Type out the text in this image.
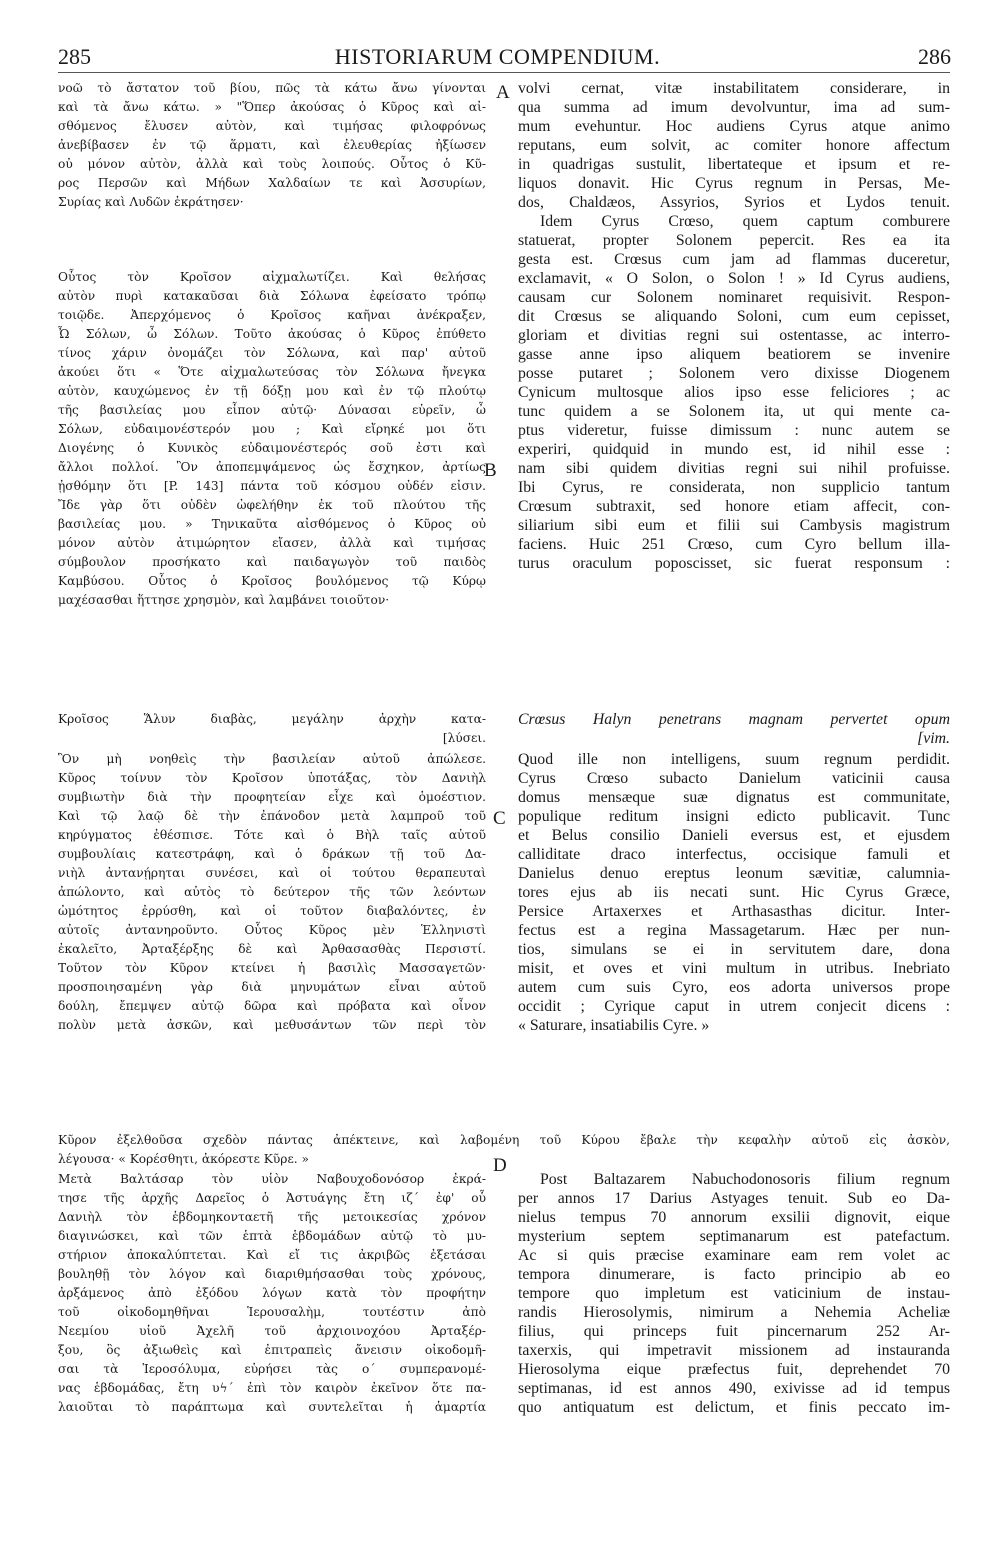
285	HISTORIARUM COMPENDIUM.	286
A
B
C
D
νοῶ τὸ ἄστατον τοῦ βίου, πῶς τὰ κάτω ἄνω γίνονται
καὶ τὰ ἄνω κάτω. » "Ὅπερ ἀκούσας ὁ Κῦρος καὶ αἰ-
σθόμενος ἔλυσεν αὐτὸν, καὶ τιμήσας φιλοφρόνως
ἀνεβίβασεν ἐν τῷ ἅρματι, καὶ ἐλευθερίας ἠξίωσεν
οὐ μόνον αὐτὸν, ἀλλὰ καὶ τοὺς λοιπούς. Οὗτος ὁ Κῦ-
ρος Περσῶν καὶ Μήδων Χαλδαίων τε καὶ Ἀσσυρίων,
Συρίας καὶ Λυδῶν ἐκράτησεν·
Οὗτος τὸν Κροῖσον αἰχμαλωτίζει. Καὶ θελήσας
αὐτὸν πυρὶ κατακαῦσαι διὰ Σόλωνα ἐφείσατο τρόπῳ
τοιῷδε. Ἀπερχόμενος ὁ Κροῖσος καῆναι ἀνέκραξεν,
Ὦ Σόλων, ὦ Σόλων. Τοῦτο ἀκούσας ὁ Κῦρος ἐπύθετο
τίνος χάριν ὀνομάζει τὸν Σόλωνα, καὶ παρ' αὐτοῦ
ἀκούει ὅτι « Ὅτε αἰχμαλωτεύσας τὸν Σόλωνα ἤνεγκα
αὐτὸν, καυχώμενος ἐν τῇ δόξῃ μου καὶ ἐν τῷ πλούτῳ
τῆς βασιλείας μου εἶπον αὐτῷ· Δύνασαι εὑρεῖν, ὦ
Σόλων, εὐδαιμονέστερόν μου ; Καὶ εἴρηκέ μοι ὅτι
Διογένης ὁ Κυνικὸς εὐδαιμονέστερός σοῦ ἐστι καὶ
ἄλλοι πολλοί. Ὃν ἀποπεμψάμενος ὡς ἔσχηκον, ἀρτίως
ᾐσθόμην ὅτι [P. 143] πάντα τοῦ κόσμου οὐδέν εἰσιν.
Ἴδε γὰρ ὅτι οὐδὲν ὠφελήθην ἐκ τοῦ πλούτου τῆς
βασιλείας μου. » Τηνικαῦτα αἰσθόμενος ὁ Κῦρος οὐ
μόνον αὐτὸν ἀτιμώρητον εἴασεν, ἀλλὰ καὶ τιμήσας
σύμβουλον προσήκατο καὶ παιδαγωγὸν τοῦ παιδὸς
Καμβύσου. Οὗτος ὁ Κροῖσος βουλόμενος τῷ Κύρῳ
μαχέσασθαι ἥττησε χρησμὸν, καὶ λαμβάνει τοιοῦτον·
Κροῖσος Ἅλυν διαβὰς, μεγάλην ἀρχὴν κατα-
[λύσει.
Ὃν μὴ νοηθεὶς τὴν βασιλείαν αὐτοῦ ἀπώλεσε.
Κῦρος τοίνυν τὸν Κροῖσον ὑποτάξας, τὸν Δανιὴλ
συμβιωτὴν διὰ τὴν προφητείαν εἶχε καὶ ὁμοέστιον.
Καὶ τῷ λαῷ δὲ τὴν ἐπάνοδον μετὰ λαμπροῦ τοῦ
κηρύγματος ἐθέσπισε. Τότε καὶ ὁ Βὴλ ταῖς αὐτοῦ
συμβουλίαις κατεστράφη, καὶ ὁ δράκων τῇ τοῦ Δα-
νιὴλ ἀντανῄρηται συνέσει, καὶ οἱ τούτου θεραπευταὶ
ἀπώλοντο, καὶ αὐτὸς τὸ δεύτερον τῆς τῶν λεόντων
ὠμότητος ἐρρύσθη, καὶ οἱ τοῦτον διαβαλόντες, ἐν
αὐτοῖς ἀντανηροῦντο. Οὗτος Κῦρος μὲν Ἑλληνιστὶ
ἐκαλεῖτο, Ἀρταξέρξης δὲ καὶ Ἀρθασασθὰς Περσιστί.
Τοῦτον τὸν Κῦρον κτείνει ἡ βασιλὶς Μασσαγετῶν·
προσποιησαμένη γὰρ διὰ μηνυμάτων εἶναι αὐτοῦ
δούλη, ἔπεμψεν αὐτῷ δῶρα καὶ πρόβατα καὶ οἶνον
πολὺν μετὰ ἀσκῶν, καὶ μεθυσάντων τῶν περὶ τὸν
Κῦρον ἐξελθοῦσα σχεδὸν πάντας ἀπέκτεινε, καὶ λαβομένη τοῦ Κύρου ἔβαλε τὴν κεφαλὴν αὐτοῦ εἰς ἀσκὸν,
λέγουσα· « Κορέσθητι, ἀκόρεστε Κῦρε. »
Μετὰ Βαλτάσαρ τὸν υἱὸν Ναβουχοδονόσορ ἐκρά-
τησε τῆς ἀρχῆς Δαρεῖος ὁ Ἀστυάγης ἔτη ιζ΄ ἐφ' οὗ
Δανιὴλ τὸν ἑβδομηκονταετῆ τῆς μετοικεσίας χρόνον
διαγινώσκει, καὶ τῶν ἑπτὰ ἑβδομάδων αὐτῷ τὸ μυ-
στήριον ἀποκαλύπτεται. Καὶ εἴ τις ἀκριβῶς ἐξετάσαι
βουληθῇ τὸν λόγον καὶ διαριθμήσασθαι τοὺς χρόνους,
ἀρξάμενος ἀπὸ ἐξόδου λόγων κατὰ τὸν προφήτην
τοῦ οἰκοδομηθῆναι Ἱερουσαλὴμ, τουτέστιν ἀπὸ
Νεεμίου υἱοῦ Ἀχελῆ τοῦ ἀρχιοινοχόου Ἀρταξέρ-
ξου, ὃς ἀξιωθεὶς καὶ ἐπιτραπεὶς ἄνεισιν οἰκοδομῆ-
σαι τὰ Ἱεροσόλυμα, εὑρήσει τὰς ο΄ συμπερανομέ-
νας ἑβδομάδας, ἔτη υϟ΄ ἐπὶ τὸν καιρὸν ἐκεῖνον ὅτε πα-
λαιοῦται τὸ παράπτωμα καὶ συντελεῖται ἡ ἁμαρτία
volvi cernat, vitæ instabilitatem considerare, in
qua summa ad imum devolvuntur, ima ad sum-
mum evehuntur. Hoc audiens Cyrus atque animo
reputans, eum solvit, ac comiter honore affectum
in quadrigas sustulit, libertateque et ipsum et re-
liquos donavit. Hic Cyrus regnum in Persas, Me-
dos, Chaldæos, Assyrios, Syrios et Lydos tenuit.
Idem Cyrus Crœso, quem captum comburere
statuerat, propter Solonem pepercit. Res ea ita
gesta est. Crœsus cum jam ad flammas duceretur,
exclamavit, « O Solon, o Solon ! » Id Cyrus audiens,
causam cur Solonem nominaret requisivit. Respon-
dit Crœsus se aliquando Soloni, cum eum cepisset,
gloriam et divitias regni sui ostentasse, ac interro-
gasse anne ipso aliquem beatiorem se invenire
posse putaret ; Solonem vero dixisse Diogenem
Cynicum multosque alios ipso esse feliciores ; ac
tunc quidem a se Solonem ita, ut qui mente ca-
ptus videretur, fuisse dimissum : nunc autem se
experiri, quidquid in mundo est, id nihil esse :
nam sibi quidem divitias regni sui nihil profuisse.
Ibi Cyrus, re considerata, non supplicio tantum
Crœsum subtraxit, sed honore etiam affecit, con-
siliarium sibi eum et filii sui Cambysis magistrum
faciens. Huic 251 Crœso, cum Cyro bellum illa-
turus oraculum poposcisset, sic fuerat responsum :
Crœsus Halyn penetrans magnam pervertet opum
[vim.
Quod ille non intelligens, suum regnum perdidit.
Cyrus Crœso subacto Danielum vaticinii causa
domus mensæque suæ dignatus est communitate,
populique reditum insigni edicto publicavit. Tunc
et Belus consilio Danieli eversus est, et ejusdem
calliditate draco interfectus, occisique famuli et
Danielus denuo ereptus leonum sævitiæ, calumnia-
tores ejus ab iis necati sunt. Hic Cyrus Græce,
Persice Artaxerxes et Arthasasthas dicitur. Inter-
fectus est a regina Massagetarum. Hæc per nun-
tios, simulans se ei in servitutem dare, dona
misit, et oves et vini multum in utribus. Inebriato
autem cum suis Cyro, eos adorta universos prope
occidit ; Cyrique caput in utrem conjecit dicens :
« Saturare, insatiabilis Cyre. »
Post Baltazarem Nabuchodonosoris filium regnum
per annos 17 Darius Astyages tenuit. Sub eo Da-
nielus tempus 70 annorum exsilii dignovit, eique
mysterium septem septimanarum est patefactum.
Ac si quis præcise examinare eam rem volet ac
tempora dinumerare, is facto principio ab eo
tempore quo impletum est vaticinium de instau-
randis Hierosolymis, nimirum a Nehemia Acheliæ
filius, qui princeps fuit pincernarum 252 Ar-
taxerxis, qui impetravit missionem ad instauranda
Hierosolyma eique præfectus fuit, deprehendet 70
septimanas, id est annos 490, exivisse ad id tempus
quo antiquatum est delictum, et finis peccato im-
